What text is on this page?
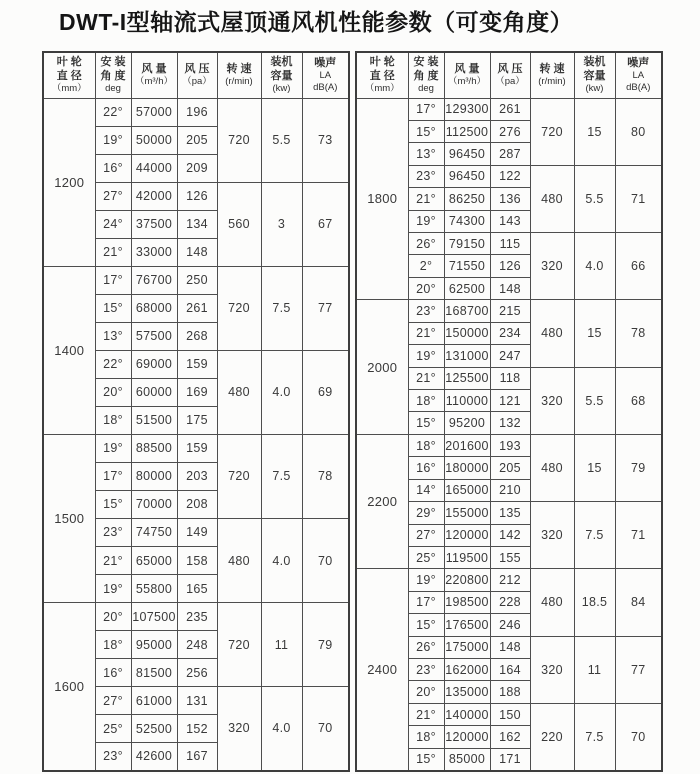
DWT-I型轴流式屋顶通风机性能参数（可变角度）
叶 轮
直 径
（mm）

安 装
角 度
deg

风 量
（m³/h）

风 压
（pa）

转 速
(r/min)

装机
容量
(kw)

噪声
LA
dB(A)

1200	22°	57000	196	720	5.5	73
	19°	50000	205			
	16°	44000	209			
	27°	42000	126	560	3	67
	24°	37500	134			
	21°	33000	148			
1400	17°	76700	250	720	7.5	77
	15°	68000	261			
	13°	57500	268			
	22°	69000	159	480	4.0	69
	20°	60000	169			
	18°	51500	175			
1500	19°	88500	159	720	7.5	78
	17°	80000	203			
	15°	70000	208			
	23°	74750	149	480	4.0	70
	21°	65000	158			
	19°	55800	165			
1600	20°	107500	235	720	11	79
	18°	95000	248			
	16°	81500	256			
	27°	61000	131	320	4.0	70
	25°	52500	152			
	23°	42600	167			
叶 轮
直 径
（mm）

安 装
角 度
deg

风 量
（m³/h）

风 压
（pa）

转 速
(r/min)

装机
容量
(kw)

噪声
LA
dB(A)

1800	17°	129300	261	720	15	80
	15°	112500	276			
	13°	96450	287			
	23°	96450	122	480	5.5	71
	21°	86250	136			
	19°	74300	143			
	26°	79150	115	320	4.0	66
	2°	71550	126			
	20°	62500	148			
2000	23°	168700	215	480	15	78
	21°	150000	234			
	19°	131000	247			
	21°	125500	118	320	5.5	68
	18°	110000	121			
	15°	95200	132			
2200	18°	201600	193	480	15	79
	16°	180000	205			
	14°	165000	210			
	29°	155000	135	320	7.5	71
	27°	120000	142			
	25°	119500	155			
2400	19°	220800	212	480	18.5	84
	17°	198500	228			
	15°	176500	246			
	26°	175000	148	320	11	77
	23°	162000	164			
	20°	135000	188			
	21°	140000	150	220	7.5	70
	18°	120000	162			
	15°	85000	171			
